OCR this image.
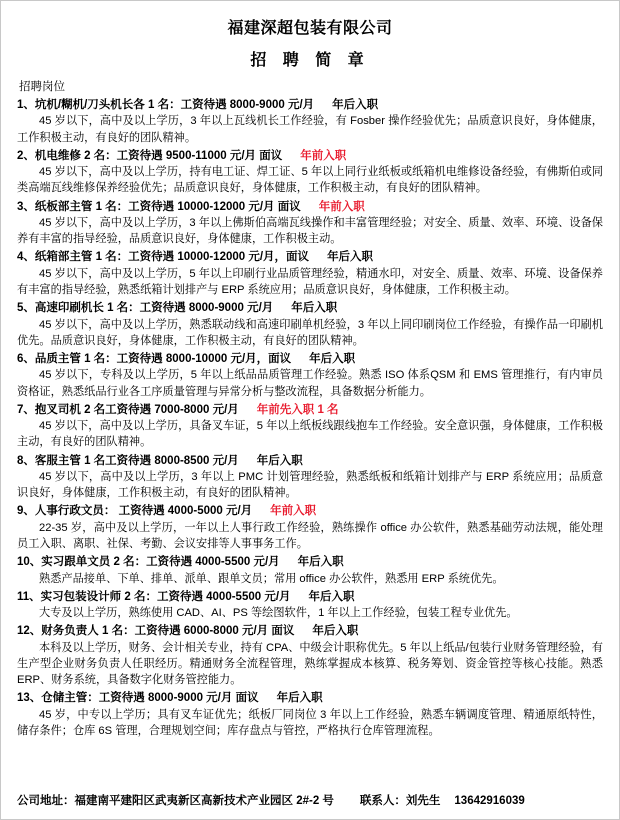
福建深超包装有限公司
招 聘 简 章
招聘岗位

1、坑机/糊机/刀头机长各 1 名：工资待遇 8000-9000 元/月 年后入职

45 岁以下，高中及以上学历，3 年以上瓦线机长工作经验，有 Fosber 操作经验优先；品质意识良好，身体健康，工作积极主动，有良好的团队精神。

2、机电维修 2 名：工资待遇 9500-11000 元/月 面议 年前入职

45 岁以下，高中及以上学历，持有电工证、焊工证、5 年以上同行业纸板或纸箱机电维修设备经验，有佛斯伯或同类高端瓦线维修保养经验优先；品质意识良好，身体健康，工作积极主动，有良好的团队精神。

3、纸板部主管 1 名：工资待遇 10000-12000 元/月 面议 年前入职

45 岁以下，高中及以上学历，3 年以上佛斯伯高端瓦线操作和丰富管理经验；对安全、质量、效率、环境、设备保养有丰富的指导经验，品质意识良好，身体健康，工作积极主动。

4、纸箱部主管 1 名：工资待遇 10000-12000 元/月，面议 年后入职

45 岁以下，高中及以上学历，5 年以上印刷行业品质管理经验，精通水印，对安全、质量、效率、环境、设备保养有丰富的指导经验，熟悉纸箱计划排产与 ERP 系统应用；品质意识良好，身体健康，工作积极主动。

5、高速印刷机长 1 名：工资待遇 8000-9000 元/月 年后入职

45 岁以下，高中及以上学历，熟悉联动线和高速印刷单机经验，3 年以上同印刷岗位工作经验，有操作品一印刷机优先。品质意识良好，身体健康，工作积极主动，有良好的团队精神。

6、品质主管 1 名：工资待遇 8000-10000 元/月，面议 年后入职

45 岁以下，专科及以上学历，5 年以上纸品品质管理工作经验。熟悉 ISO 体系QSM 和 EMS 管理推行，有内审员资格证，熟悉纸品行业各工序质量管理与异常分析与整改流程，具备数据分析能力。

7、抱叉司机 2 名工资待遇 7000-8000 元/月 年前先入职 1 名

45 岁以下，高中及以上学历，具备叉车证，5 年以上纸板线跟线抱车工作经验。安全意识强，身体健康，工作积极主动，有良好的团队精神。

8、客服主管 1 名工资待遇 8000-8500 元/月 年后入职

45 岁以下，高中及以上学历，3 年以上 PMC 计划管理经验，熟悉纸板和纸箱计划排产与 ERP 系统应用；品质意识良好，身体健康，工作积极主动，有良好的团队精神。

9、人事行政文员： 工资待遇 4000-5000 元/月 年前入职

22-35 岁，高中及以上学历，一年以上人事行政工作经验，熟练操作 office 办公软件，熟悉基础劳动法规，能处理员工入职、离职、社保、考勤、会议安排等人事事务工作。

10、实习跟单文员 2 名：工资待遇 4000-5500 元/月 年后入职

熟悉产品接单、下单、排单、派单、跟单文员；常用 office 办公软件，熟悉用 ERP 系统优先。

11、实习包装设计师 2 名：工资待遇 4000-5500 元/月 年后入职

大专及以上学历，熟练使用 CAD、AI、PS 等绘图软件，1 年以上工作经验，包装工程专业优先。

12、财务负责人 1 名：工资待遇 6000-8000 元/月 面议 年后入职

本科及以上学历，财务、会计相关专业，持有 CPA、中级会计职称优先。5 年以上纸品/包装行业财务管理经验，有生产型企业财务负责人任职经历。精通财务全流程管理，熟练掌握成本核算、税务筹划、资金管控等核心技能。熟悉 ERP、财务系统，具备数字化财务管控能力。

13、仓储主管：工资待遇 8000-9000 元/月 面议 年后入职

45 岁，中专以上学历；具有叉车证优先；纸板厂同岗位 3 年以上工作经验，熟悉车辆调度管理、精通原纸特性，储存条件；仓库 6S 管理，合理规划空间；库存盘点与管控，严格执行仓库管理流程。

公司地址：福建南平建阳区武夷新区高新技术产业园区 2#-2 号 联系人：刘先生 13642916039
